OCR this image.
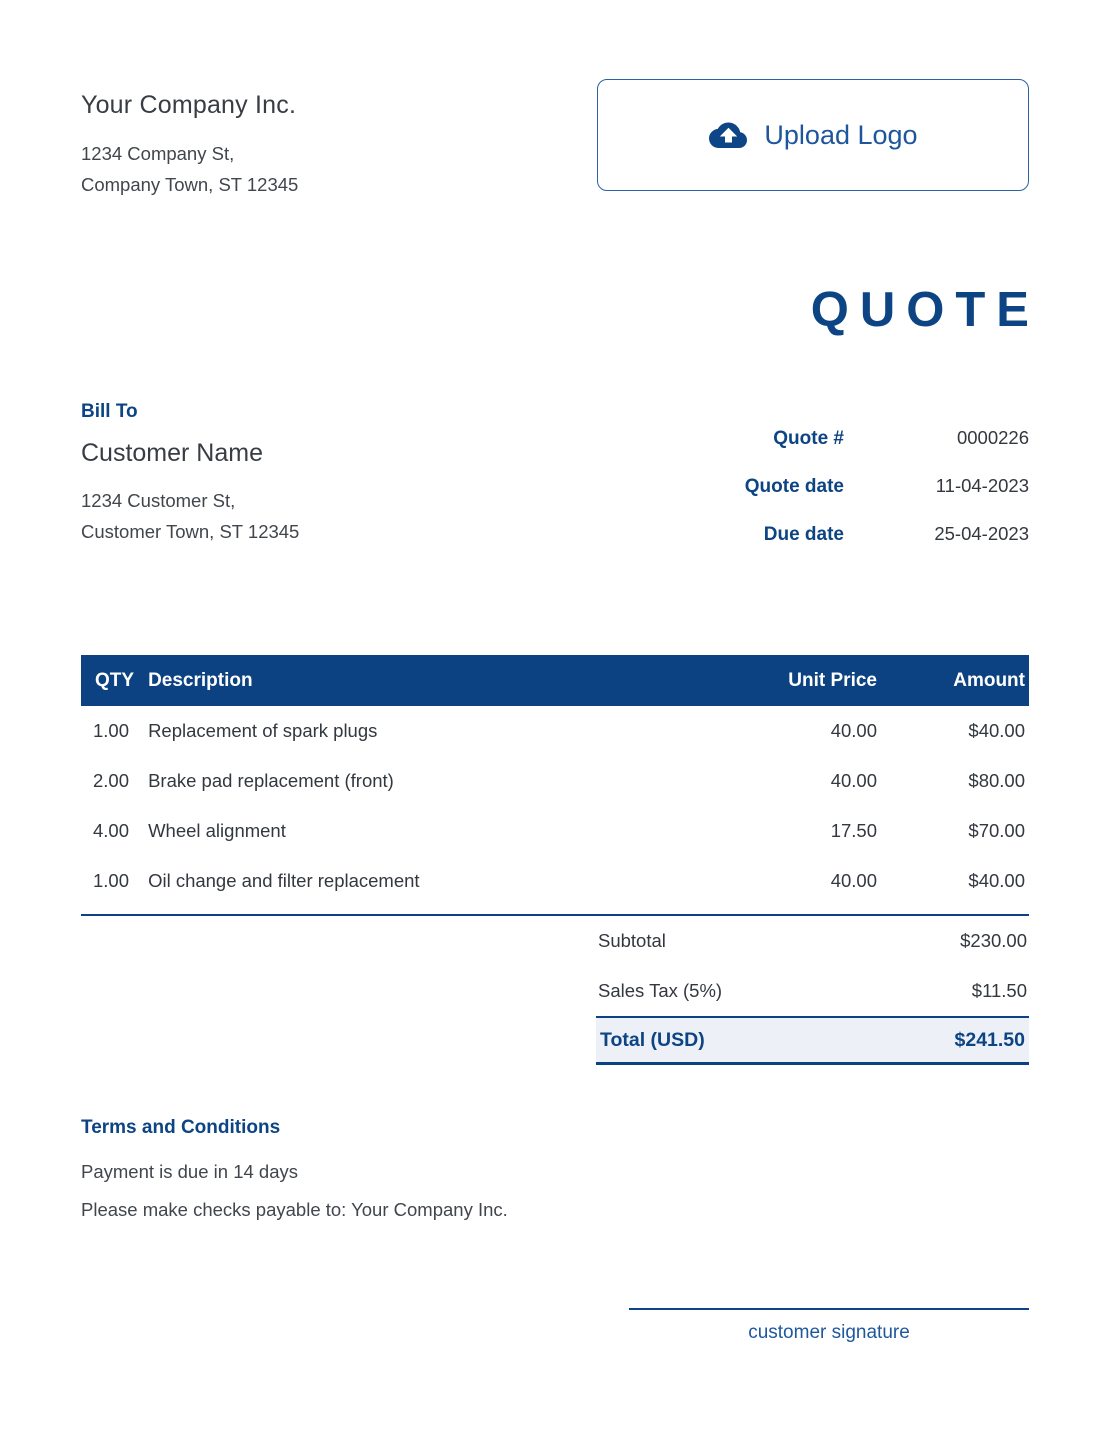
Your Company Inc.
1234 Company St,
Company Town, ST 12345
Upload Logo
QUOTE
Bill To
Customer Name
1234 Customer St,
Customer Town, ST 12345
Quote #	0000226
Quote date	11-04-2023
Due date	25-04-2023
QTY	Description	Unit Price	Amount
1.00	Replacement of spark plugs	40.00	$40.00
2.00	Brake pad replacement (front)	40.00	$80.00
4.00	Wheel alignment	17.50	$70.00
1.00	Oil change and filter replacement	40.00	$40.00
Subtotal	$230.00
Sales Tax (5%)	$11.50
Total (USD)	$241.50
Terms and Conditions
Payment is due in 14 days
Please make checks payable to: Your Company Inc.
customer signature
